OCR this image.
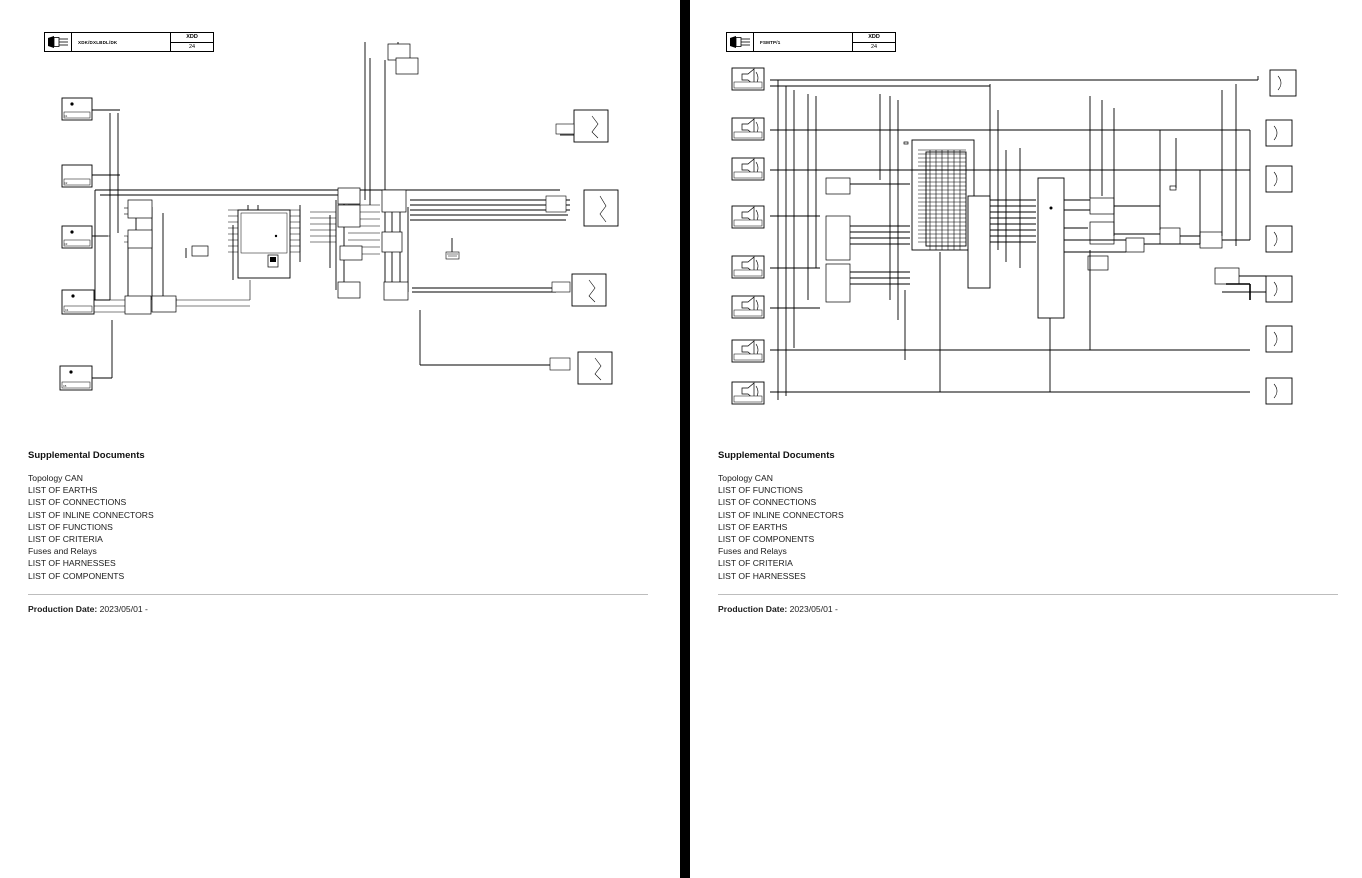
XDK/DXLBDL/DK
XDD
24
C1
C2
C3
C4
C5
Supplemental Documents
Topology CAN
LIST OF EARTHS
LIST OF CONNECTIONS
LIST OF INLINE CONNECTORS
LIST OF FUNCTIONS
LIST OF CRITERIA
Fuses and Relays
LIST OF HARNESSES
LIST OF COMPONENTS
Production Date: 2023/05/01 -
FSMTP/1
XDD
24
Supplemental Documents
Topology CAN
LIST OF FUNCTIONS
LIST OF CONNECTIONS
LIST OF INLINE CONNECTORS
LIST OF EARTHS
LIST OF COMPONENTS
Fuses and Relays
LIST OF CRITERIA
LIST OF HARNESSES
Production Date: 2023/05/01 -
